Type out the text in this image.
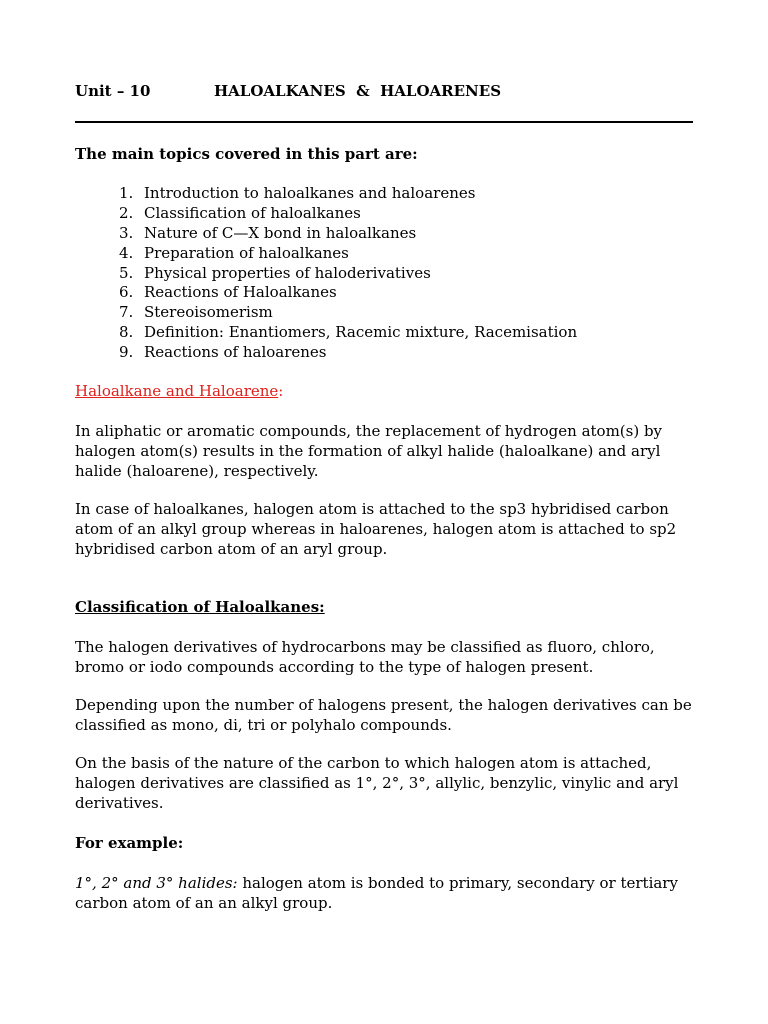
Unit – 10	HALOALKANES  &  HALOARENES
The main topics covered in this part are:
1. Introduction to haloalkanes and haloarenes
2. Classification of haloalkanes
3. Nature of C—X bond in haloalkanes
4. Preparation of haloalkanes
5. Physical properties of haloderivatives
6. Reactions of Haloalkanes
7. Stereoisomerism
8. Definition: Enantiomers, Racemic mixture, Racemisation
9. Reactions of haloarenes
Haloalkane and Haloarene:

In aliphatic or aromatic compounds, the replacement of hydrogen atom(s) by

halogen atom(s) results in the formation of alkyl halide (haloalkane) and aryl

halide (haloarene), respectively.

In case of haloalkanes, halogen atom is attached to the sp3 hybridised carbon

atom of an alkyl group whereas in haloarenes, halogen atom is attached to sp2

hybridised carbon atom of an aryl group.

Classification of Haloalkanes:

The halogen derivatives of hydrocarbons may be classified as fluoro, chloro,

bromo or iodo compounds according to the type of halogen present.

Depending upon the number of halogens present, the halogen derivatives can be

classified as mono, di, tri or polyhalo compounds.

On the basis of the nature of the carbon to which halogen atom is attached,

halogen derivatives are classified as 1°, 2°, 3°, allylic, benzylic, vinylic and aryl

derivatives.

For example:

1°, 2° and 3° halides: halogen atom is bonded to primary, secondary or tertiary

carbon atom of an an alkyl group.
